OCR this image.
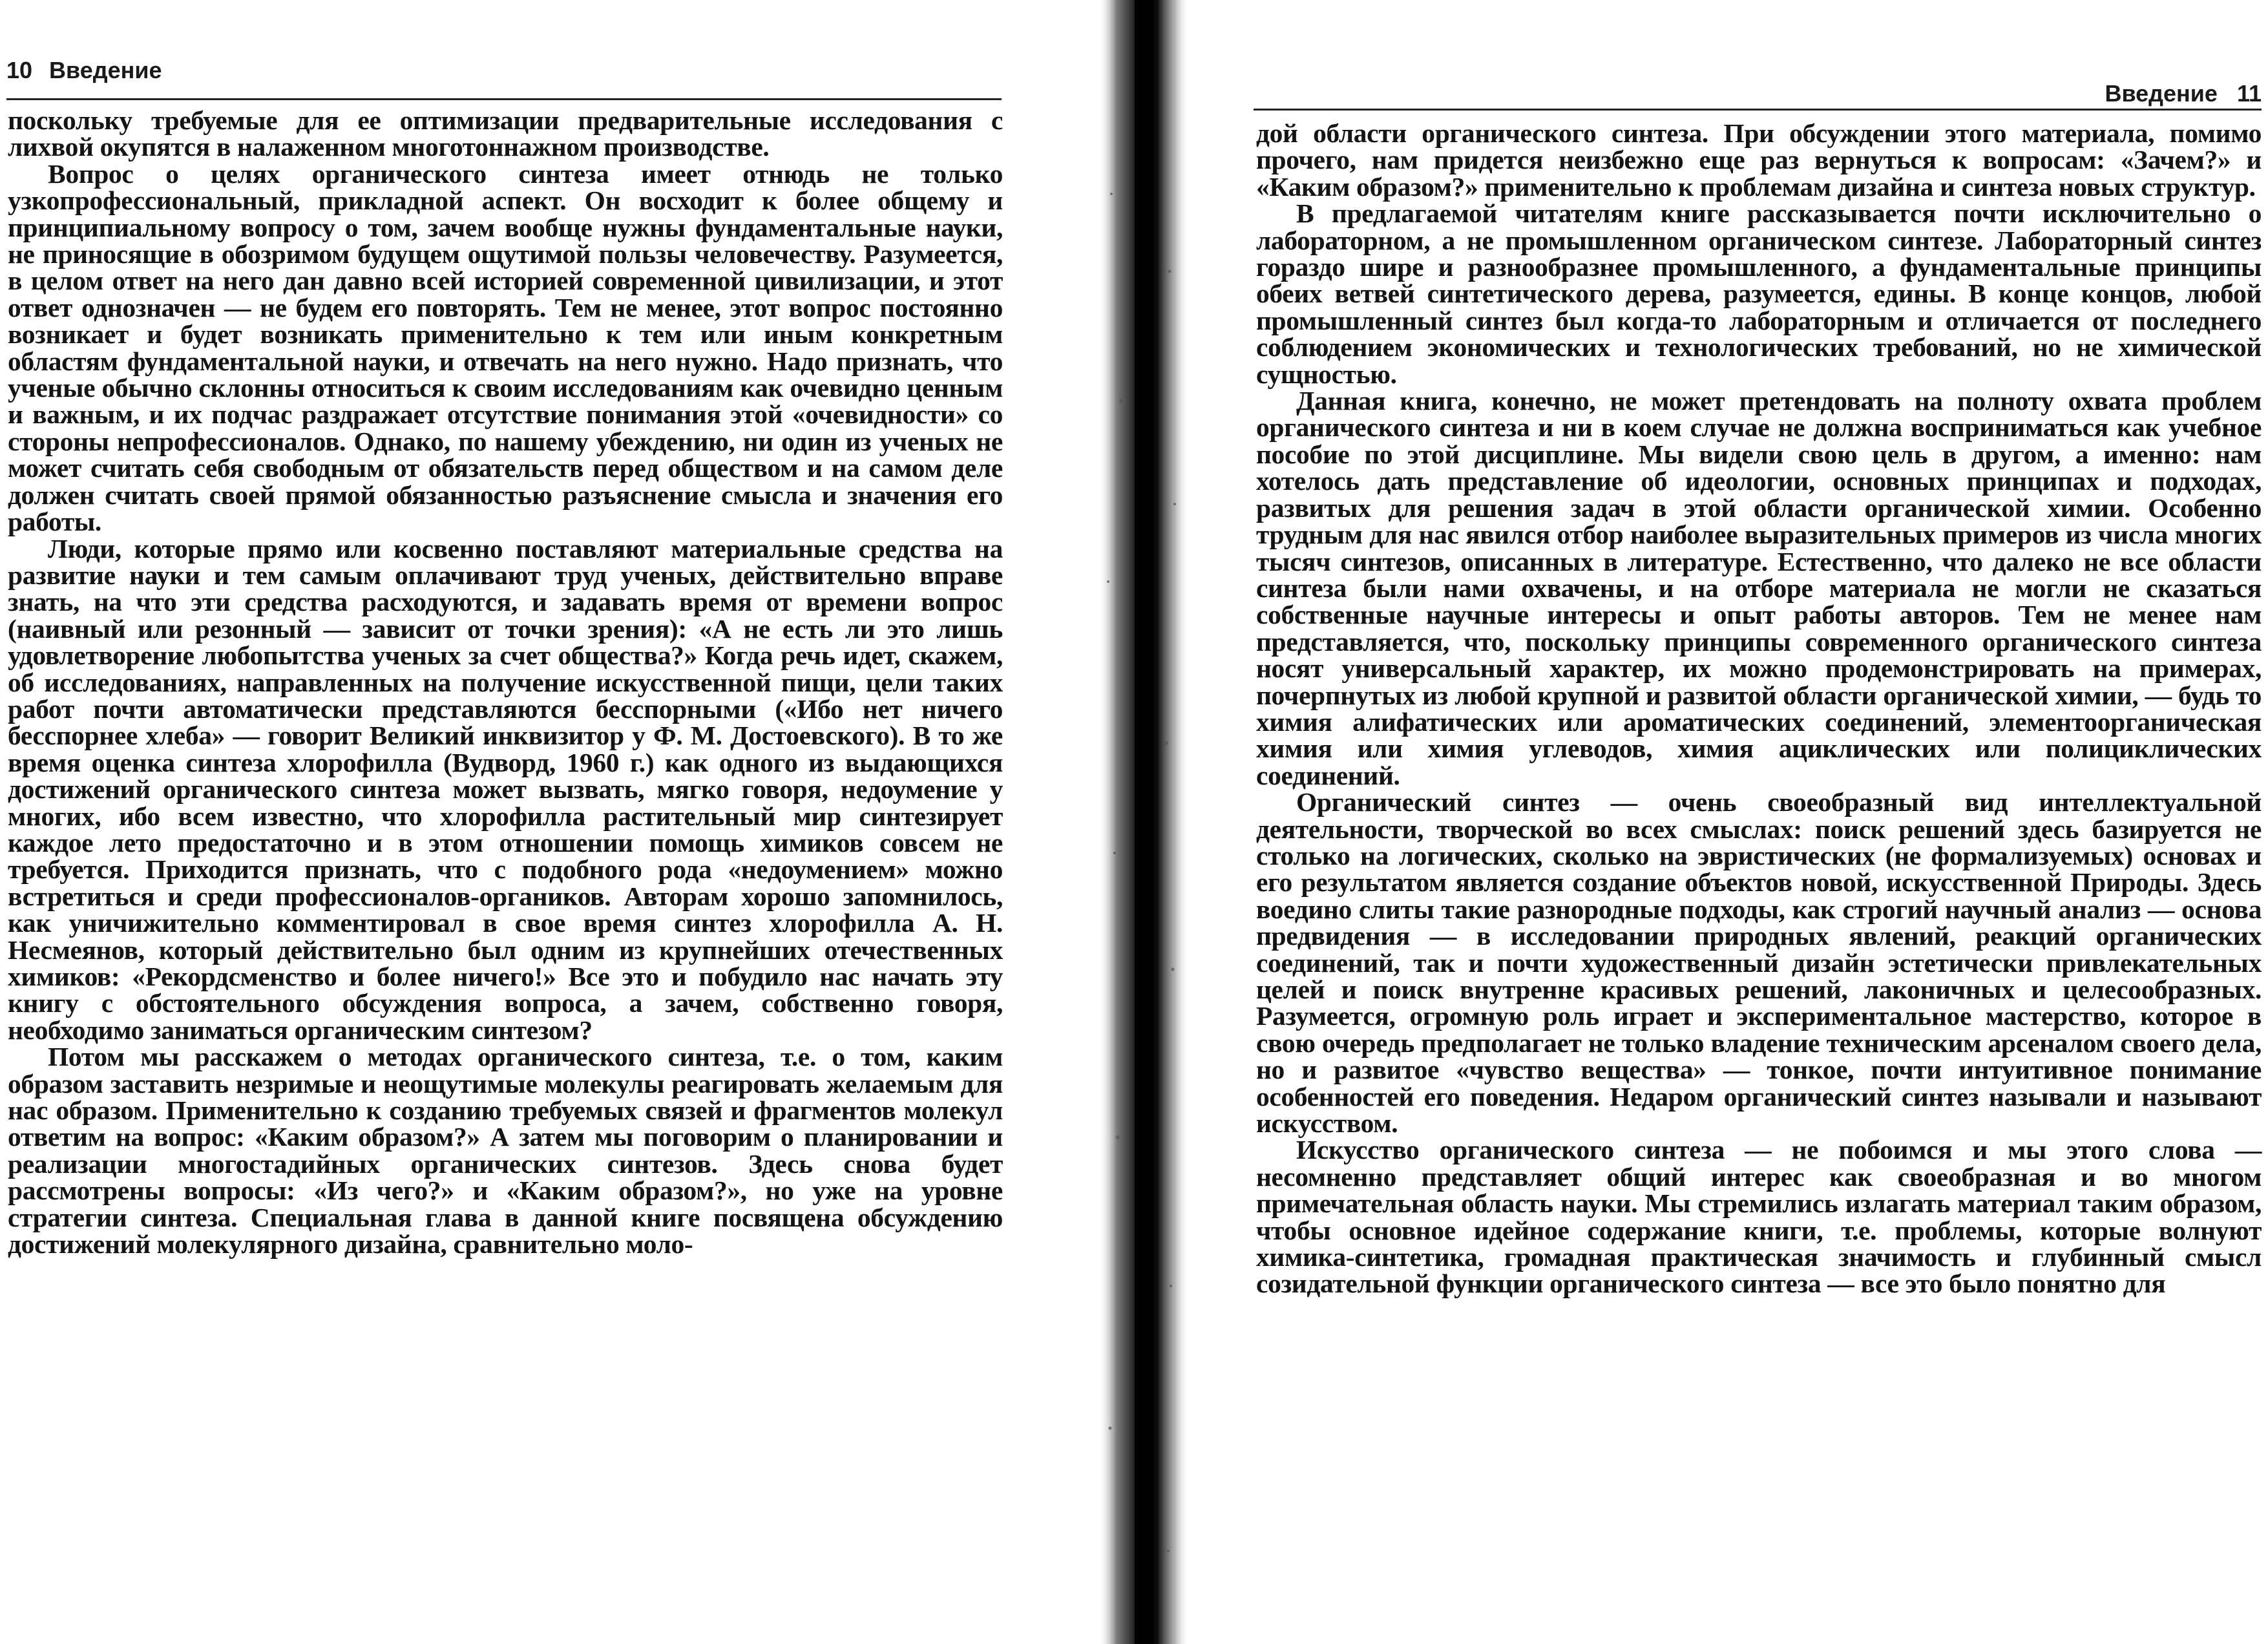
10 Введение

поскольку требуемые для ее оптимизации предварительные исследования с лихвой окупятся в налаженном многотоннажном производстве.

Вопрос о целях органического синтеза имеет отнюдь не только узкопрофессиональный, прикладной аспект. Он восходит к более общему и принципиальному вопросу о том, зачем вообще нужны фундаментальные науки, не приносящие в обозримом будущем ощутимой пользы человечеству. Разумеется, в целом ответ на него дан давно всей историей современной цивилизации, и этот ответ однозначен — не будем его повторять. Тем не менее, этот вопрос постоянно возникает и будет возникать применительно к тем или иным конкретным областям фундаментальной науки, и отвечать на него нужно. Надо признать, что ученые обычно склонны относиться к своим исследованиям как очевидно ценным и важным, и их подчас раздражает отсутствие понимания этой «очевидности» со стороны непрофессионалов. Однако, по нашему убеждению, ни один из ученых не может считать себя свободным от обязательств перед обществом и на самом деле должен считать своей прямой обязанностью разъяснение смысла и значения его работы.

Люди, которые прямо или косвенно поставляют материальные средства на развитие науки и тем самым оплачивают труд ученых, действительно вправе знать, на что эти средства расходуются, и задавать время от времени вопрос (наивный или резонный — зависит от точки зрения): «А не есть ли это лишь удовлетворение любопытства ученых за счет общества?» Когда речь идет, скажем, об исследованиях, направленных на получение искусственной пищи, цели таких работ почти автоматически представляются бесспорными («Ибо нет ничего бесспорнее хлеба» — говорит Великий инквизитор у Ф. М. Достоевского). В то же время оценка синтеза хлорофилла (Вудворд, 1960 г.) как одного из выдающихся достижений органического синтеза может вызвать, мягко говоря, недоумение у многих, ибо всем известно, что хлорофилла растительный мир синтезирует каждое лето предостаточно и в этом отношении помощь химиков совсем не требуется. Приходится признать, что с подобного рода «недоумением» можно встретиться и среди профессионалов-органиков. Авторам хорошо запомнилось, как уничижительно комментировал в свое время синтез хлорофилла А. Н. Несмеянов, который действительно был одним из крупнейших отечественных химиков: «Рекордсменство и более ничего!» Все это и побудило нас начать эту книгу с обстоятельного обсуждения вопроса, а зачем, собственно говоря, необходимо заниматься органическим синтезом?

Потом мы расскажем о методах органического синтеза, т.е. о том, каким образом заставить незримые и неощутимые молекулы реагировать желаемым для нас образом. Применительно к созданию требуемых связей и фрагментов молекул ответим на вопрос: «Каким образом?» А затем мы поговорим о планировании и реализации многостадийных органических синтезов. Здесь снова будет рассмотрены вопросы: «Из чего?» и «Каким образом?», но уже на уровне стратегии синтеза. Специальная глава в данной книге посвящена обсуждению достижений молекулярного дизайна, сравнительно моло-

Введение 11

дой области органического синтеза. При обсуждении этого материала, помимо прочего, нам придется неизбежно еще раз вернуться к вопросам: «Зачем?» и «Каким образом?» применительно к проблемам дизайна и синтеза новых структур.

В предлагаемой читателям книге рассказывается почти исключительно о лабораторном, а не промышленном органическом синтезе. Лабораторный синтез гораздо шире и разнообразнее промышленного, а фундаментальные принципы обеих ветвей синтетического дерева, разумеется, едины. В конце концов, любой промышленный синтез был когда-то лабораторным и отличается от последнего соблюдением экономических и технологических требований, но не химической сущностью.

Данная книга, конечно, не может претендовать на полноту охвата проблем органического синтеза и ни в коем случае не должна восприниматься как учебное пособие по этой дисциплине. Мы видели свою цель в другом, а именно: нам хотелось дать представление об идеологии, основных принципах и подходах, развитых для решения задач в этой области органической химии. Особенно трудным для нас явился отбор наиболее выразительных примеров из числа многих тысяч синтезов, описанных в литературе. Естественно, что далеко не все области синтеза были нами охвачены, и на отборе материала не могли не сказаться собственные научные интересы и опыт работы авторов. Тем не менее нам представляется, что, поскольку принципы современного органического синтеза носят универсальный характер, их можно продемонстрировать на примерах, почерпнутых из любой крупной и развитой области органической химии, — будь то химия алифатических или ароматических соединений, элементоорганическая химия или химия углеводов, химия ациклических или полициклических соединений.

Органический синтез — очень своеобразный вид интеллектуальной деятельности, творческой во всех смыслах: поиск решений здесь базируется не столько на логических, сколько на эвристических (не формализуемых) основах и его результатом является создание объектов новой, искусственной Природы. Здесь воедино слиты такие разнородные подходы, как строгий научный анализ — основа предвидения — в исследовании природных явлений, реакций органических соединений, так и почти художественный дизайн эстетически привлекательных целей и поиск внутренне красивых решений, лаконичных и целесообразных. Разумеется, огромную роль играет и экспериментальное мастерство, которое в свою очередь предполагает не только владение техническим арсеналом своего дела, но и развитое «чувство вещества» — тонкое, почти интуитивное понимание особенностей его поведения. Недаром органический синтез называли и называют искусством.

Искусство органического синтеза — не побоимся и мы этого слова — несомненно представляет общий интерес как своеобразная и во многом примечательная область науки. Мы стремились излагать материал таким образом, чтобы основное идейное содержание книги, т.е. проблемы, которые волнуют химика-синтетика, громадная практическая значимость и глубинный смысл созидательной функции органического синтеза — все это было понятно для
